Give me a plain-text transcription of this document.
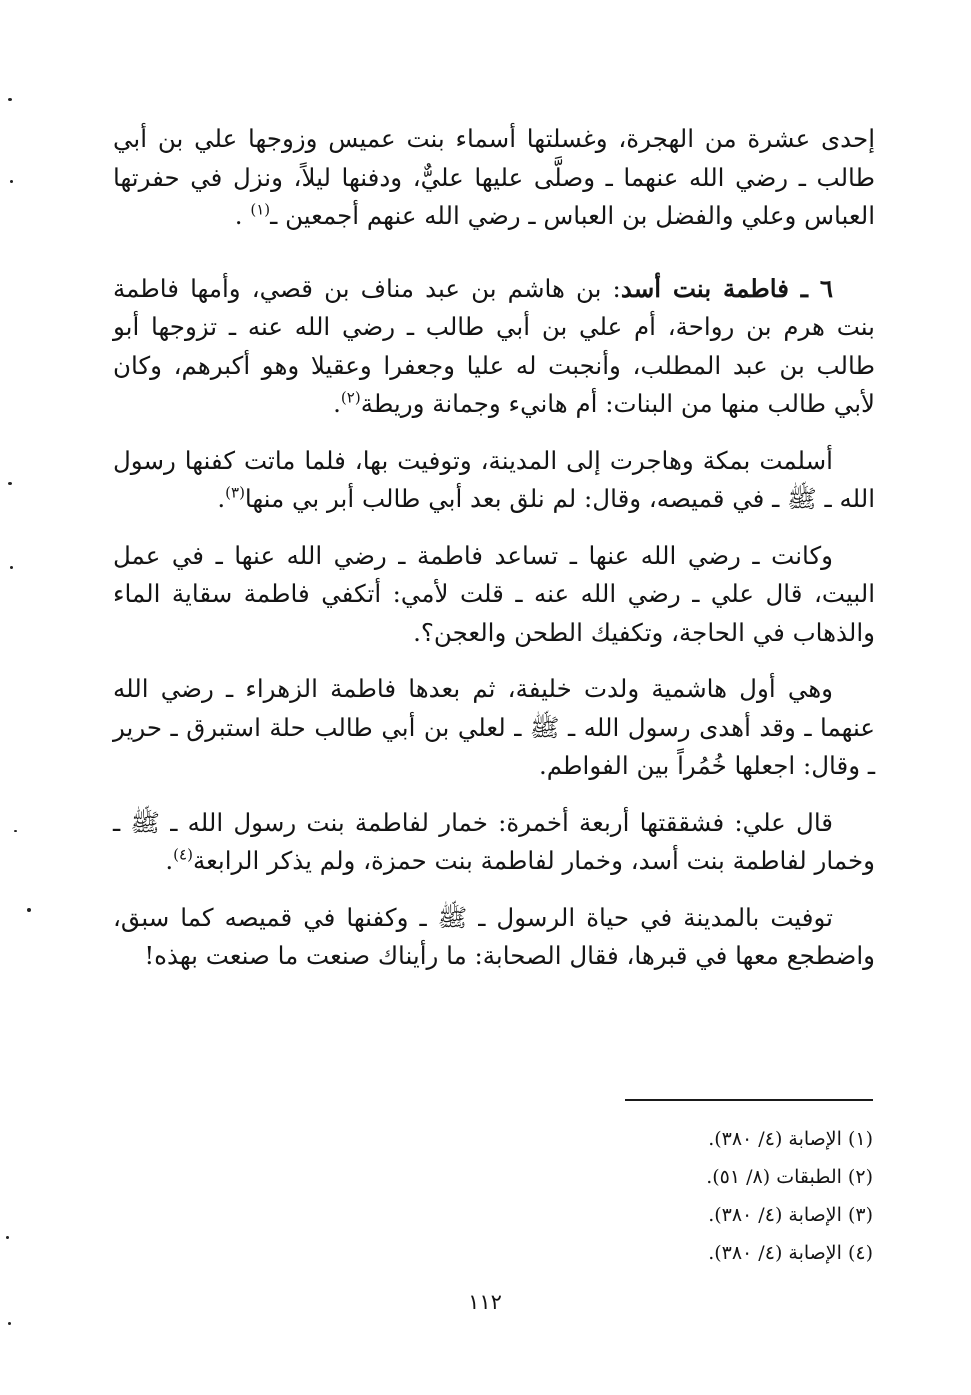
إحدى عشرة من الهجرة، وغسلتها أسماء بنت عميس وزوجها علي بن أبي طالب ـ رضي الله عنهما ـ وصلَّى عليها عليٌّ، ودفنها ليلاً، ونزل في حفرتها العباس وعلي والفضل بن العباس ـ رضي الله عنهم أجمعين ـ$^{(١)}$ .

٦ ـ فاطمة بنت أسد: بن هاشم بن عبد مناف بن قصي، وأمها فاطمة بنت هرم بن رواحة، أم علي بن أبي طالب ـ رضي الله عنه ـ تزوجها أبو طالب بن عبد المطلب، وأنجبت له عليا وجعفرا وعقيلا وهو أكبرهم، وكان لأبي طالب منها من البنات: أم هانيء وجمانة وريطة$^{(٢)}$.

أسلمت بمكة وهاجرت إلى المدينة، وتوفيت بها، فلما ماتت كفنها رسول الله ـ ﷺ ـ في قميصه، وقال: لم نلق بعد أبي طالب أبر بي منها$^{(٣)}$.

وكانت ـ رضي الله عنها ـ تساعد فاطمة ـ رضي الله عنها ـ في عمل البيت، قال علي ـ رضي الله عنه ـ قلت لأمي: أتكفي فاطمة سقاية الماء والذهاب في الحاجة، وتكفيك الطحن والعجن؟.

وهي أول هاشمية ولدت خليفة، ثم بعدها فاطمة الزهراء ـ رضي الله عنهما ـ وقد أهدى رسول الله ـ ﷺ ـ لعلي بن أبي طالب حلة استبرق ـ حرير ـ وقال: اجعلها خُمُراً بين الفواطم.

قال علي: فشققتها أربعة أخمرة: خمار لفاطمة بنت رسول الله ـ ﷺ ـ وخمار لفاطمة بنت أسد، وخمار لفاطمة بنت حمزة، ولم يذكر الرابعة$^{(٤)}$.

توفيت بالمدينة في حياة الرسول ـ ﷺ ـ وكفنها في قميصه كما سبق، واضطجع معها في قبرها، فقال الصحابة: ما رأيناك صنعت ما صنعت بهذه!

(١) الإصابة (٤/ ٣٨٠).

(٢) الطبقات (٨/ ٥١).

(٣) الإصابة (٤/ ٣٨٠).

(٤) الإصابة (٤/ ٣٨٠).

١١٢
